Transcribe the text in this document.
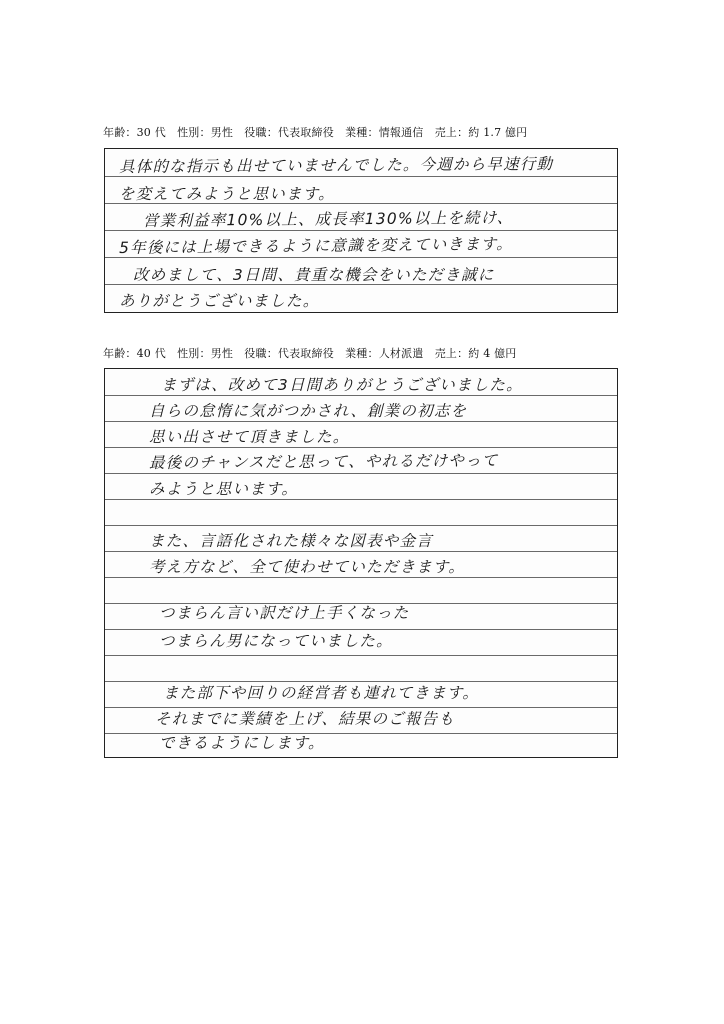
年齢：30 代　性別：男性　役職：代表取締役　業種：情報通信　売上：約 1.7 億円
具体的な指示も出せていませんでした。今週から早速行動
を変えてみようと思います。
営業利益率10%以上、成長率130%以上を続け、
5年後には上場できるように意識を変えていきます。
改めまして、3日間、貴重な機会をいただき誠に
ありがとうございました。
年齢：40 代　性別：男性　役職：代表取締役　業種：人材派遣　売上：約 4 億円
まずは、改めて3日間ありがとうございました。
自らの怠惰に気がつかされ、創業の初志を
思い出させて頂きました。
最後のチャンスだと思って、やれるだけやって
みようと思います。
また、言語化された様々な図表や金言
考え方など、全て使わせていただきます。
つまらん言い訳だけ上手くなった
つまらん男になっていました。
また部下や回りの経営者も連れてきます。
それまでに業績を上げ、結果のご報告も
できるようにします。
